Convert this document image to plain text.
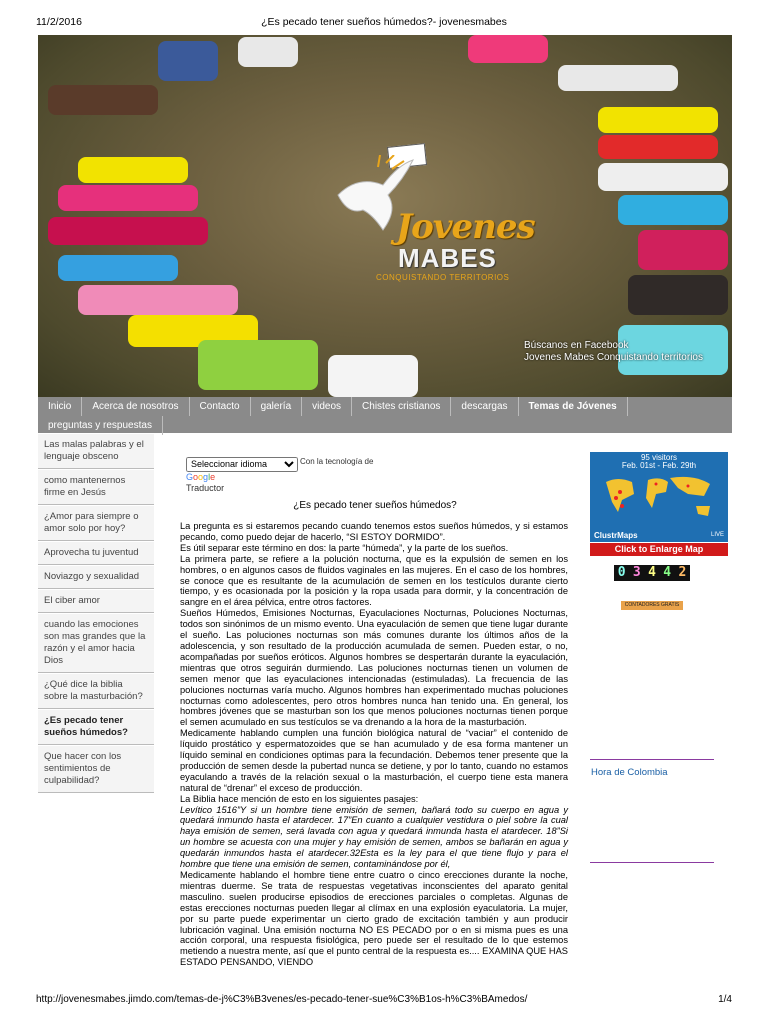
11/2/2016	¿Es pecado tener sueños húmedos?- jovenesmabes
Jovenes
MABES
CONQUISTANDO TERRITORIOS
Búscanos en Facebook
Jovenes Mabes Conquistando territorios
Inicio	Acerca de nosotros	Contacto	galería	videos	Chistes cristianos	descargas	Temas de Jóvenes
preguntas y respuestas
Las malas palabras y el lenguaje obsceno
como mantenernos firme en Jesús
¿Amor para siempre o amor solo por hoy?
Aprovecha tu juventud
Noviazgo y sexualidad
El ciber amor
cuando las emociones son mas grandes que la razón y el amor hacia Dios
¿Qué dice la biblia sobre la masturbación?
¿Es pecado tener sueños húmedos?
Que hacer con los sentimientos de culpabilidad?
Seleccionar idioma
Con la tecnología de
Google
Traductor
¿Es pecado tener sueños húmedos?

La pregunta es si estaremos pecando cuando tenemos estos sueños húmedos, y si estamos pecando, como puedo dejar de hacerlo, “SI ESTOY DORMIDO”.

Es útil separar este término en dos: la parte “húmeda”, y la parte de los sueños.

La primera parte, se refiere a la polución nocturna, que es la expulsión de semen en los hombres, o en algunos casos de fluidos vaginales en las mujeres. En el caso de los hombres, se conoce que es resultante de la acumulación de semen en los testículos durante cierto tiempo, y es ocasionada por la posición y la ropa usada para dormir, y la concentración de sangre en el área pélvica, entre otros factores.

Sueños Húmedos, Emisiones Nocturnas, Eyaculaciones Nocturnas, Poluciones Nocturnas, todos son sinónimos de un mismo evento. Una eyaculación de semen que tiene lugar durante el sueño. Las poluciones nocturnas son más comunes durante los últimos años de la adolescencia, y son resultado de la producción acumulada de semen. Pueden estar, o no, acompañadas por sueños eróticos. Algunos hombres se despertarán durante la eyaculación, mientras que otros seguirán durmiendo. Las poluciones nocturnas tienen un volumen de semen menor que las eyaculaciones intencionadas (estimuladas). La frecuencia de las poluciones nocturnas varía mucho. Algunos hombres han experimentado muchas poluciones nocturnas como adolescentes, pero otros hombres nunca han tenido una. En general, los hombres jóvenes que se masturban son los que menos poluciones nocturnas tienen porque el semen acumulado en sus testículos se va drenando a la hora de la masturbación.

Medicamente hablando cumplen una función biológica natural de “vaciar” el contenido de líquido prostático y espermatozoides que se han acumulado y de esa forma mantener un líquido seminal en condiciones optimas para la fecundación. Debemos tener presente que la producción de semen desde la pubertad nunca se detiene, y por lo tanto, cuando no estamos eyaculando a través de la relación sexual o la masturbación, el cuerpo tiene esta manera natural de “drenar” el exceso de producción.

La Biblia hace mención de esto en los siguientes pasajes:

Levítico 1516”Y si un hombre tiene emisión de semen, bañará todo su cuerpo en agua y quedará inmundo hasta el atardecer. 17”En cuanto a cualquier vestidura o piel sobre la cual haya emisión de semen, será lavada con agua y quedará inmunda hasta el atardecer. 18”Si un hombre se acuesta con una mujer y hay emisión de semen, ambos se bañarán en agua y quedarán inmundos hasta el atardecer.32Esta es la ley para el que tiene flujo y para el hombre que tiene una emisión de semen, contaminándose por él,

Medicamente hablando el hombre tiene entre cuatro o cinco erecciones durante la noche, mientras duerme. Se trata de respuestas vegetativas inconscientes del aparato genital masculino. suelen producirse episodios de erecciones parciales o completas. Algunas de estas erecciones nocturnas pueden llegar al clímax en una explosión eyaculatoria. La mujer, por su parte puede experimentar un cierto grado de excitación también y aun producir lubricación vaginal. Una emisión nocturna NO ES PECADO por o en si misma pues es una acción corporal, una respuesta fisiológica, pero puede ser el resultado de lo que estemos metiendo a nuestra mente, así que el punto central de la respuesta es.... EXAMINA QUE HAS ESTADO PENSANDO, VIENDO

95 visitors
Feb. 01st - Feb. 29th
ClustrMaps	LIVE
Click to Enlarge Map
0 3 4 4 2
CONTADORES GRATIS
Hora de Colombia
http://jovenesmabes.jimdo.com/temas-de-j%C3%B3venes/es-pecado-tener-sue%C3%B1os-h%C3%BAmedos/	1/4
